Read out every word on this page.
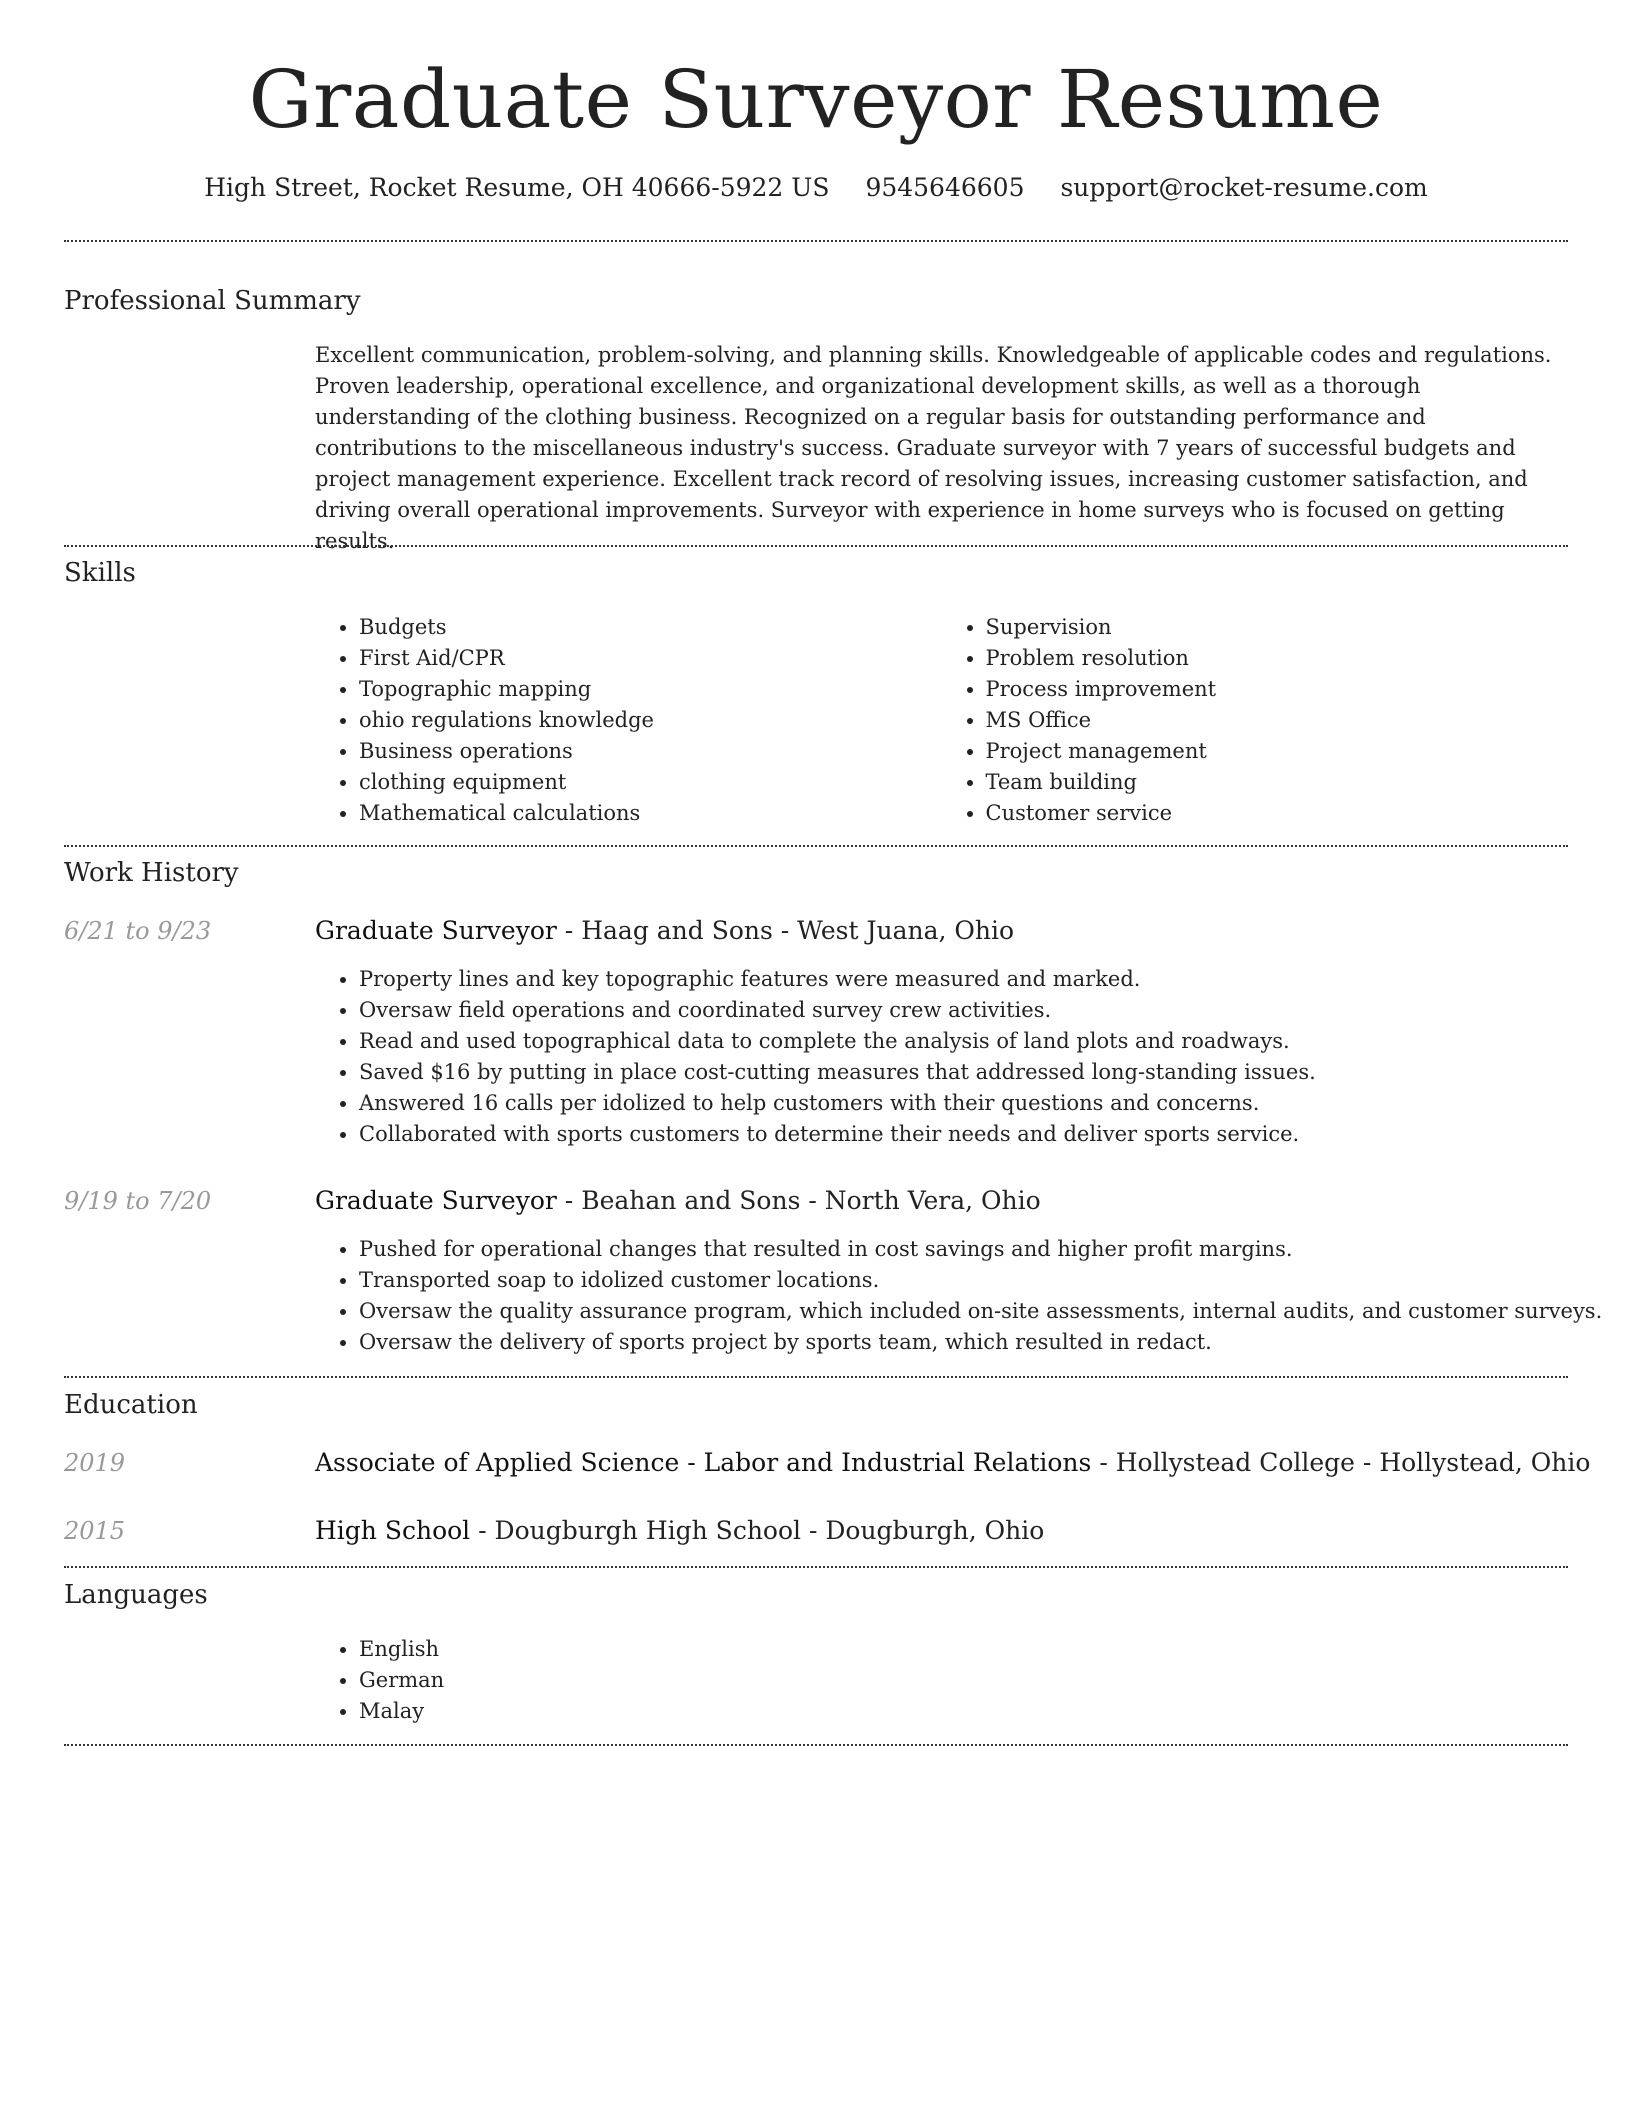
Graduate Surveyor Resume
High Street, Rocket Resume, OH 40666-5922 US 9545646605 support@rocket-resume.com
Professional Summary

Excellent communication, problem-solving, and planning skills. Knowledgeable of applicable codes and regulations. Proven leadership, operational excellence, and organizational development skills, as well as a thorough understanding of the clothing business. Recognized on a regular basis for outstanding performance and contributions to the miscellaneous industry's success. Graduate surveyor with 7 years of successful budgets and project management experience. Excellent track record of resolving issues, increasing customer satisfaction, and driving overall operational improvements. Surveyor with experience in home surveys who is focused on getting results.

Skills
• Budgets
• First Aid/CPR
• Topographic mapping
• ohio regulations knowledge
• Business operations
• clothing equipment
• Mathematical calculations
• Supervision
• Problem resolution
• Process improvement
• MS Office
• Project management
• Team building
• Customer service
Work History
6/21 to 9/23	Graduate Surveyor - Haag and Sons - West Juana, Ohio
• Property lines and key topographic features were measured and marked.
• Oversaw field operations and coordinated survey crew activities.
• Read and used topographical data to complete the analysis of land plots and roadways.
• Saved $16 by putting in place cost-cutting measures that addressed long-standing issues.
• Answered 16 calls per idolized to help customers with their questions and concerns.
• Collaborated with sports customers to determine their needs and deliver sports service.
9/19 to 7/20	Graduate Surveyor - Beahan and Sons - North Vera, Ohio
• Pushed for operational changes that resulted in cost savings and higher profit margins.
• Transported soap to idolized customer locations.
• Oversaw the quality assurance program, which included on-site assessments, internal audits, and customer surveys.
• Oversaw the delivery of sports project by sports team, which resulted in redact.
Education
2019	Associate of Applied Science - Labor and Industrial Relations - Hollystead College - Hollystead, Ohio
2015	High School - Dougburgh High School - Dougburgh, Ohio
Languages
• English
• German
• Malay
